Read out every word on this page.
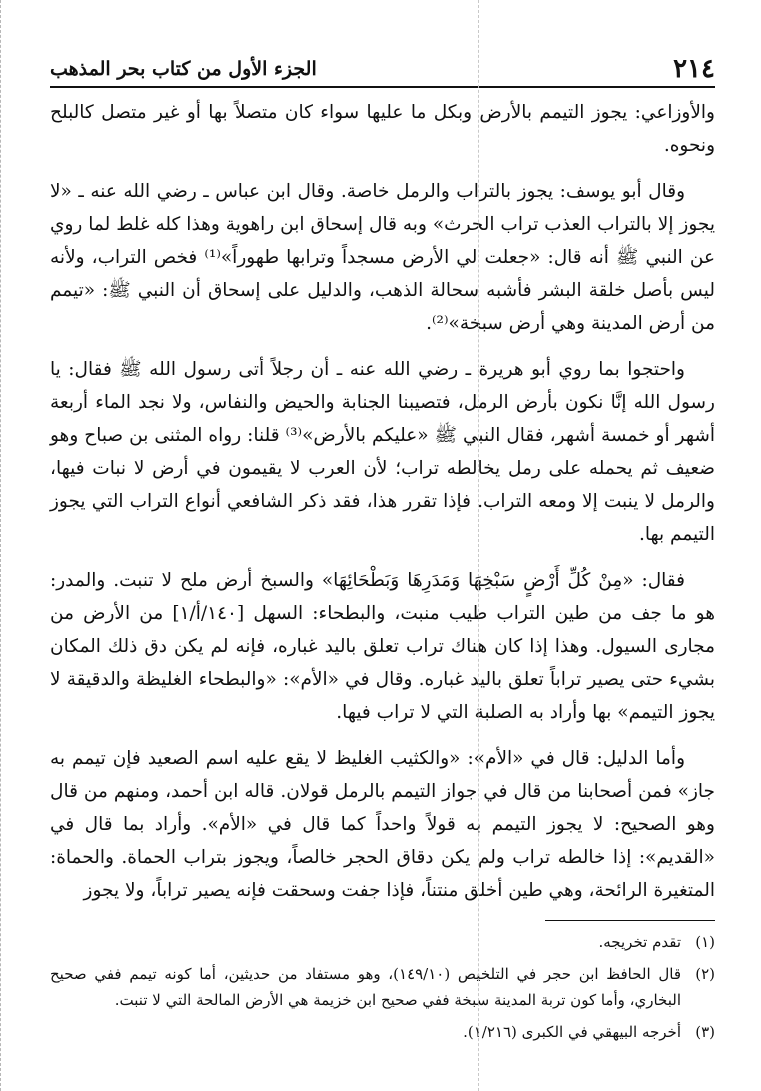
٢١٤
الجزء الأول من كتاب بحر المذهب

والأوزاعي: يجوز التيمم بالأرض وبكل ما عليها سواء كان متصلاً بها أو غير متصل كالبلح ونحوه.

وقال أبو يوسف: يجوز بالتراب والرمل خاصة. وقال ابن عباس ـ رضي الله عنه ـ «لا يجوز إلا بالتراب العذب تراب الحرث» وبه قال إسحاق ابن راهوية وهذا كله غلط لما روي عن النبي ﷺ أنه قال: «جعلت لي الأرض مسجداً وترابها طهوراً»⁽¹⁾ فخص التراب، ولأنه ليس بأصل خلقة البشر فأشبه سحالة الذهب، والدليل على إسحاق أن النبي ﷺ: «تيمم من أرض المدينة وهي أرض سبخة»⁽²⁾.

واحتجوا بما روي أبو هريرة ـ رضي الله عنه ـ أن رجلاً أتى رسول الله ﷺ فقال: يا رسول الله إنَّا نكون بأرض الرمل، فتصيبنا الجنابة والحيض والنفاس، ولا نجد الماء أربعة أشهر أو خمسة أشهر، فقال النبي ﷺ «عليكم بالأرض»⁽³⁾ قلنا: رواه المثنى بن صباح وهو ضعيف ثم يحمله على رمل يخالطه تراب؛ لأن العرب لا يقيمون في أرض لا نبات فيها، والرمل لا ينبت إلا ومعه التراب. فإذا تقرر هذا، فقد ذكر الشافعي أنواع التراب التي يجوز التيمم بها.

فقال: «مِنْ كُلِّ أَرْضٍ سَبْخِهَا وَمَدَرِهَا وَبَطْحَائِهَا» والسبخ أرض ملح لا تنبت. والمدر: هو ما جف من طين التراب طيب منبت، والبطحاء: السهل [١٤٠/أ/١] من الأرض من مجارى السيول. وهذا إذا كان هناك تراب تعلق باليد غباره، فإنه لم يكن دق ذلك المكان بشيء حتى يصير تراباً تعلق باليد غباره. وقال في «الأم»: «والبطحاء الغليظة والدقيقة لا يجوز التيمم» بها وأراد به الصلبة التي لا تراب فيها.

وأما الدليل: قال في «الأم»: «والكثيب الغليظ لا يقع عليه اسم الصعيد فإن تيمم به جاز» فمن أصحابنا من قال في جواز التيمم بالرمل قولان. قاله ابن أحمد، ومنهم من قال وهو الصحيح: لا يجوز التيمم به قولاً واحداً كما قال في «الأم». وأراد بما قال في «القديم»: إذا خالطه تراب ولم يكن دقاق الحجر خالصاً، ويجوز بتراب الحماة. والحماة: المتغيرة الرائحة، وهي طين أخلق منتناً، فإذا جفت وسحقت فإنه يصير تراباً، ولا يجوز

(١)
تقدم تخريجه.
(٢)
قال الحافظ ابن حجر في التلخيص (١٤٩/١٠)، وهو مستفاد من حديثين، أما كونه تيمم ففي صحيح البخاري، وأما كون تربة المدينة سبخة ففي صحيح ابن خزيمة هي الأرض المالحة التي لا تنبت.
(٣)
أخرجه البيهقي في الكبرى (١/٢١٦).
